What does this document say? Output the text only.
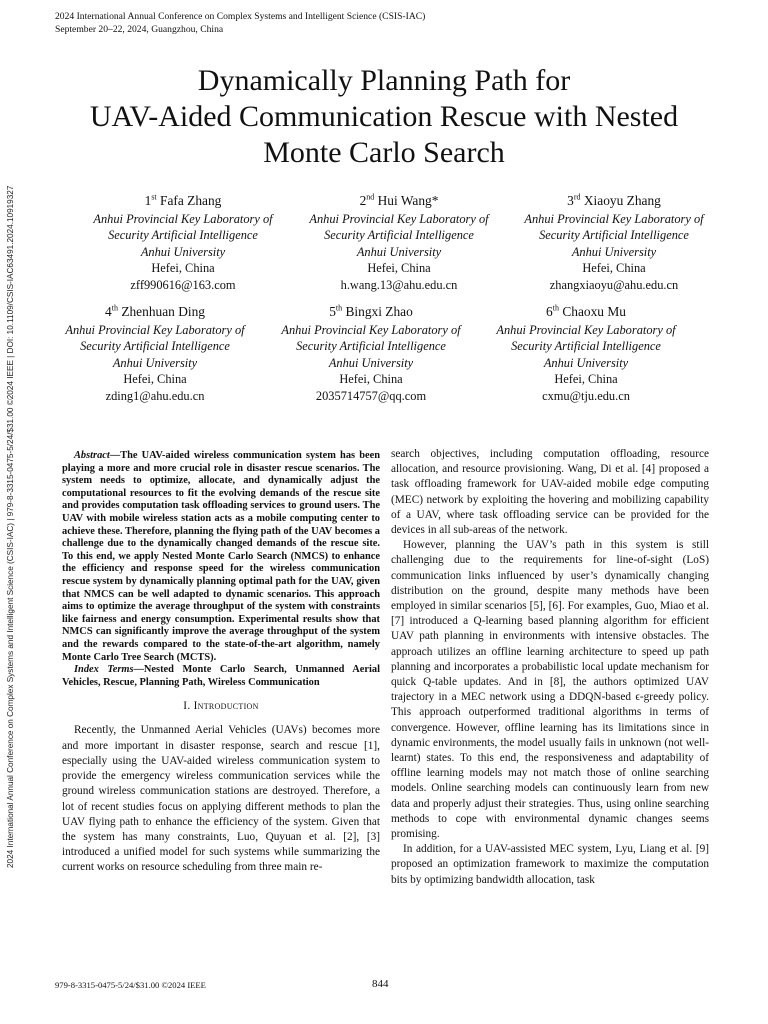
2024 International Annual Conference on Complex Systems and Intelligent Science (CSIS-IAC)
September 20–22, 2024, Guangzhou, China
2024 International Annual Conference on Complex Systems and Intelligent Science (CSIS-IAC) | 979-8-3315-0475-5/24/$31.00 ©2024 IEEE | DOI: 10.1109/CSIS-IAC63491.2024.10919327
Dynamically Planning Path for
UAV-Aided Communication Rescue with Nested
Monte Carlo Search
1st Fafa Zhang
Anhui Provincial Key Laboratory of
Security Artificial Intelligence
Anhui University
Hefei, China
zff990616@163.com
2nd Hui Wang*
Anhui Provincial Key Laboratory of
Security Artificial Intelligence
Anhui University
Hefei, China
h.wang.13@ahu.edu.cn
3rd Xiaoyu Zhang
Anhui Provincial Key Laboratory of
Security Artificial Intelligence
Anhui University
Hefei, China
zhangxiaoyu@ahu.edu.cn
4th Zhenhuan Ding
Anhui Provincial Key Laboratory of
Security Artificial Intelligence
Anhui University
Hefei, China
zding1@ahu.edu.cn
5th Bingxi Zhao
Anhui Provincial Key Laboratory of
Security Artificial Intelligence
Anhui University
Hefei, China
2035714757@qq.com
6th Chaoxu Mu
Anhui Provincial Key Laboratory of
Security Artificial Intelligence
Anhui University
Hefei, China
cxmu@tju.edu.cn

Abstract—The UAV-aided wireless communication system has been playing a more and more crucial role in disaster rescue scenarios. The system needs to optimize, allocate, and dynamically adjust the computational resources to fit the evolving demands of the rescue site and provides computation task offloading services to ground users. The UAV with mobile wireless station acts as a mobile computing center to achieve these. Therefore, planning the flying path of the UAV becomes a challenge due to the dynamically changed demands of the rescue site. To this end, we apply Nested Monte Carlo Search (NMCS) to enhance the efficiency and response speed for the wireless communication rescue system by dynamically planning optimal path for the UAV, given that NMCS can be well adapted to dynamic scenarios. This approach aims to optimize the average throughput of the system with constraints like fairness and energy consumption. Experimental results show that NMCS can significantly improve the average throughput of the system and the rewards compared to the state-of-the-art algorithm, namely Monte Carlo Tree Search (MCTS).

Index Terms—Nested Monte Carlo Search, Unmanned Aerial Vehicles, Rescue, Planning Path, Wireless Communication

I. Introduction

Recently, the Unmanned Aerial Vehicles (UAVs) becomes more and more important in disaster response, search and rescue [1], especially using the UAV-aided wireless communication system to provide the emergency wireless communication services while the ground wireless communication stations are destroyed. Therefore, a lot of recent studies focus on applying different methods to plan the UAV flying path to enhance the efficiency of the system. Given that the system has many constraints, Luo, Quyuan et al. [2], [3] introduced a unified model for such systems while summarizing the current works on resource scheduling from three main re-

search objectives, including computation offloading, resource allocation, and resource provisioning. Wang, Di et al. [4] proposed a task offloading framework for UAV-aided mobile edge computing (MEC) network by exploiting the hovering and mobilizing capability of a UAV, where task offloading service can be provided for the devices in all sub-areas of the network.

However, planning the UAV’s path in this system is still challenging due to the requirements for line-of-sight (LoS) communication links influenced by user’s dynamically changing distribution on the ground, despite many methods have been employed in similar scenarios [5], [6]. For examples, Guo, Miao et al. [7] introduced a Q-learning based planning algorithm for efficient UAV path planning in environments with intensive obstacles. The approach utilizes an offline learning architecture to speed up path planning and incorporates a probabilistic local update mechanism for quick Q-table updates. And in [8], the authors optimized UAV trajectory in a MEC network using a DDQN-based ϵ-greedy policy. This approach outperformed traditional algorithms in terms of convergence. However, offline learning has its limitations since in dynamic environments, the model usually fails in unknown (not well-learnt) states. To this end, the responsiveness and adaptability of offline learning models may not match those of online searching models. Online searching models can continuously learn from new data and properly adjust their strategies. Thus, using online searching methods to cope with environmental dynamic changes seems promising.

In addition, for a UAV-assisted MEC system, Lyu, Liang et al. [9] proposed an optimization framework to maximize the computation bits by optimizing bandwidth allocation, task

979-8-3315-0475-5/24/$31.00 ©2024 IEEE	844
